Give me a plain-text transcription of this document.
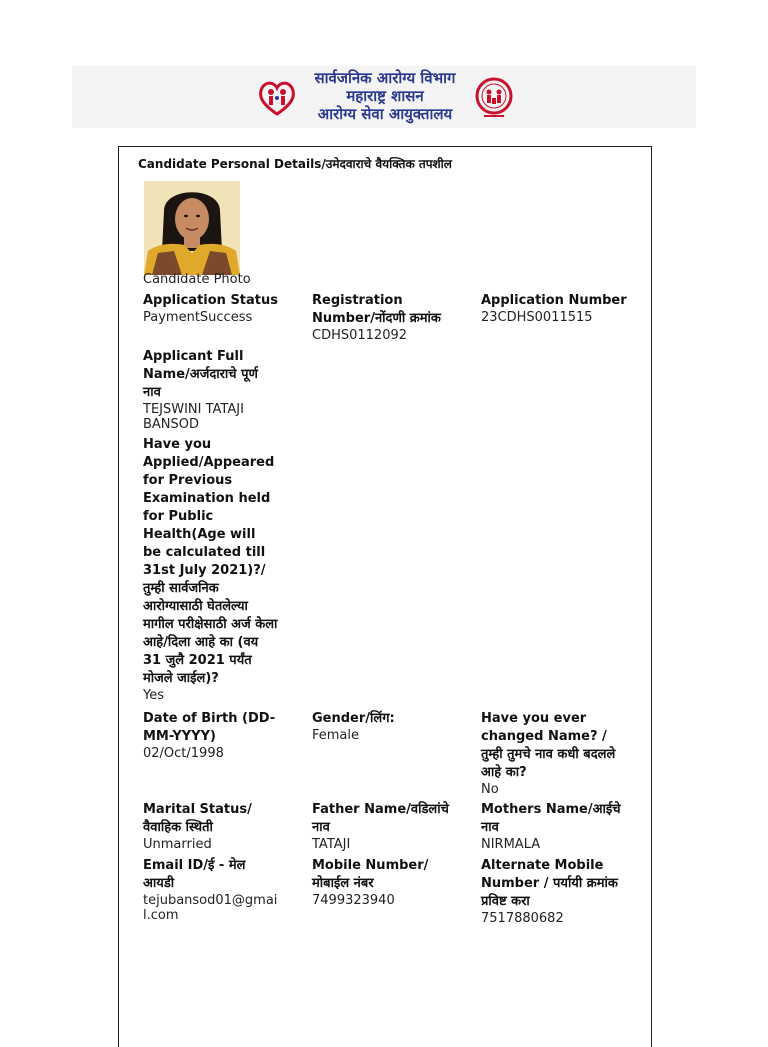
सार्वजनिक आरोग्य विभाग
महाराष्ट्र शासन
आरोग्य सेवा आयुक्तालय
Candidate Personal Details/उमेदवाराचे वैयक्तिक तपशील
Candidate Photo
Application Status
PaymentSuccess
Registration Number/नोंदणी क्रमांक
CDHS0112092
Application Number
23CDHS0011515
Applicant Full Name/अर्जदाराचे पूर्ण नाव
TEJSWINI TATAJI BANSOD
Have you Applied/Appeared for Previous Examination held for Public Health(Age will be calculated till 31st July 2021)?/तुम्ही सार्वजनिक आरोग्यासाठी घेतलेल्या मागील परीक्षेसाठी अर्ज केला आहे/दिला आहे का (वय 31 जुलै 2021 पर्यंत मोजले जाईल)?
Yes
Date of Birth (DD-MM-YYYY)
02/Oct/1998
Gender/लिंग:
Female
Have you ever changed Name? / तुम्ही तुमचे नाव कधी बदलले आहे का?
No
Marital Status/ वैवाहिक स्थिती
Unmarried
Father Name/वडिलांचे नाव
TATAJI
Mothers Name/आईचे नाव
NIRMALA
Email ID/ई - मेल आयडी
tejubansod01@gmail.com
Mobile Number/ मोबाईल नंबर
7499323940
Alternate Mobile Number / पर्यायी क्रमांक प्रविष्ट करा
7517880682
